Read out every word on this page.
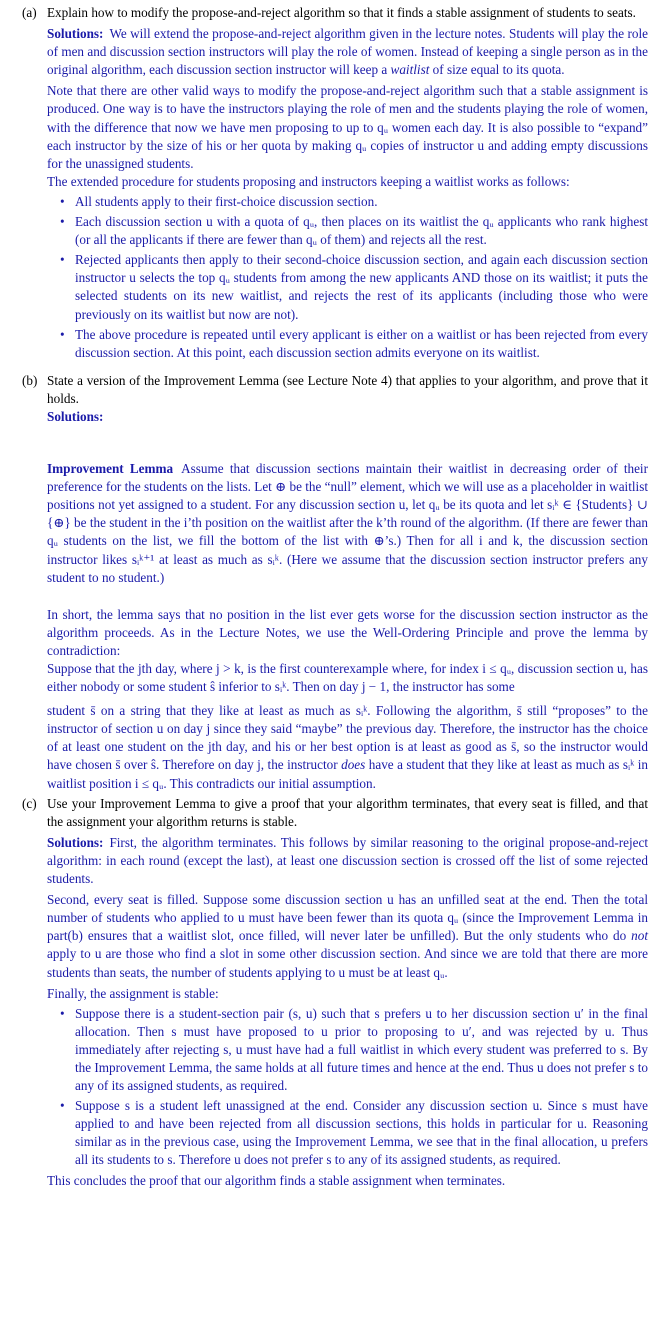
(a) Explain how to modify the propose-and-reject algorithm so that it finds a stable assignment of students to seats.

Solutions: We will extend the propose-and-reject algorithm given in the lecture notes. Students will play the role of men and discussion section instructors will play the role of women. Instead of keeping a single person as in the original algorithm, each discussion section instructor will keep a waitlist of size equal to its quota.

Note that there are other valid ways to modify the propose-and-reject algorithm such that a stable assignment is produced. One way is to have the instructors playing the role of men and the students playing the role of women, with the difference that now we have men proposing to up to qᵤ women each day. It is also possible to “expand” each instructor by the size of his or her quota by making qᵤ copies of instructor u and adding empty discussions for the unassigned students.

The extended procedure for students proposing and instructors keeping a waitlist works as follows:

• All students apply to their first-choice discussion section.
• Each discussion section u with a quota of qᵤ, then places on its waitlist the qᵤ applicants who rank highest (or all the applicants if there are fewer than qᵤ of them) and rejects all the rest.
• Rejected applicants then apply to their second-choice discussion section, and again each discussion section instructor u selects the top qᵤ students from among the new applicants AND those on its waitlist; it puts the selected students on its new waitlist, and rejects the rest of its applicants (including those who were previously on its waitlist but now are not).
• The above procedure is repeated until every applicant is either on a waitlist or has been rejected from every discussion section. At this point, each discussion section admits everyone on its waitlist.
(b) State a version of the Improvement Lemma (see Lecture Note 4) that applies to your algorithm, and prove that it holds.

Solutions:

Improvement Lemma Assume that discussion sections maintain their waitlist in decreasing order of their preference for the students on the lists. Let ⊕ be the “null” element, which we will use as a placeholder in waitlist positions not yet assigned to a student. For any discussion section u, let qᵤ be its quota and let sᵢᵏ ∈ {Students} ∪ {⊕} be the student in the i’th position on the waitlist after the k’th round of the algorithm. (If there are fewer than qᵤ students on the list, we fill the bottom of the list with ⊕’s.) Then for all i and k, the discussion section instructor likes sᵢᵏ⁺¹ at least as much as sᵢᵏ. (Here we assume that the discussion section instructor prefers any student to no student.)

In short, the lemma says that no position in the list ever gets worse for the discussion section instructor as the algorithm proceeds. As in the Lecture Notes, we use the Well-Ordering Principle and prove the lemma by contradiction:

Suppose that the jth day, where j > k, is the first counterexample where, for index i ≤ qᵤ, discussion section u, has either nobody or some student ŝ inferior to sᵢᵏ. Then on day j − 1, the instructor has some

student s̄ on a string that they like at least as much as sᵢᵏ. Following the algorithm, s̄ still “proposes” to the instructor of section u on day j since they said “maybe” the previous day. Therefore, the instructor has the choice of at least one student on the jth day, and his or her best option is at least as good as s̄, so the instructor would have chosen s̄ over ŝ. Therefore on day j, the instructor does have a student that they like at least as much as sᵢᵏ in waitlist position i ≤ qᵤ. This contradicts our initial assumption.

(c) Use your Improvement Lemma to give a proof that your algorithm terminates, that every seat is filled, and that the assignment your algorithm returns is stable.

Solutions: First, the algorithm terminates. This follows by similar reasoning to the original propose-and-reject algorithm: in each round (except the last), at least one discussion section is crossed off the list of some rejected students.

Second, every seat is filled. Suppose some discussion section u has an unfilled seat at the end. Then the total number of students who applied to u must have been fewer than its quota qᵤ (since the Improvement Lemma in part(b) ensures that a waitlist slot, once filled, will never later be unfilled). But the only students who do not apply to u are those who find a slot in some other discussion section. And since we are told that there are more students than seats, the number of students applying to u must be at least qᵤ.

Finally, the assignment is stable:

• Suppose there is a student-section pair (s, u) such that s prefers u to her discussion section u′ in the final allocation. Then s must have proposed to u prior to proposing to u′, and was rejected by u. Thus immediately after rejecting s, u must have had a full waitlist in which every student was preferred to s. By the Improvement Lemma, the same holds at all future times and hence at the end. Thus u does not prefer s to any of its assigned students, as required.
• Suppose s is a student left unassigned at the end. Consider any discussion section u. Since s must have applied to and have been rejected from all discussion sections, this holds in particular for u. Reasoning similar as in the previous case, using the Improvement Lemma, we see that in the final allocation, u prefers all its students to s. Therefore u does not prefer s to any of its assigned students, as required.

This concludes the proof that our algorithm finds a stable assignment when terminates.
